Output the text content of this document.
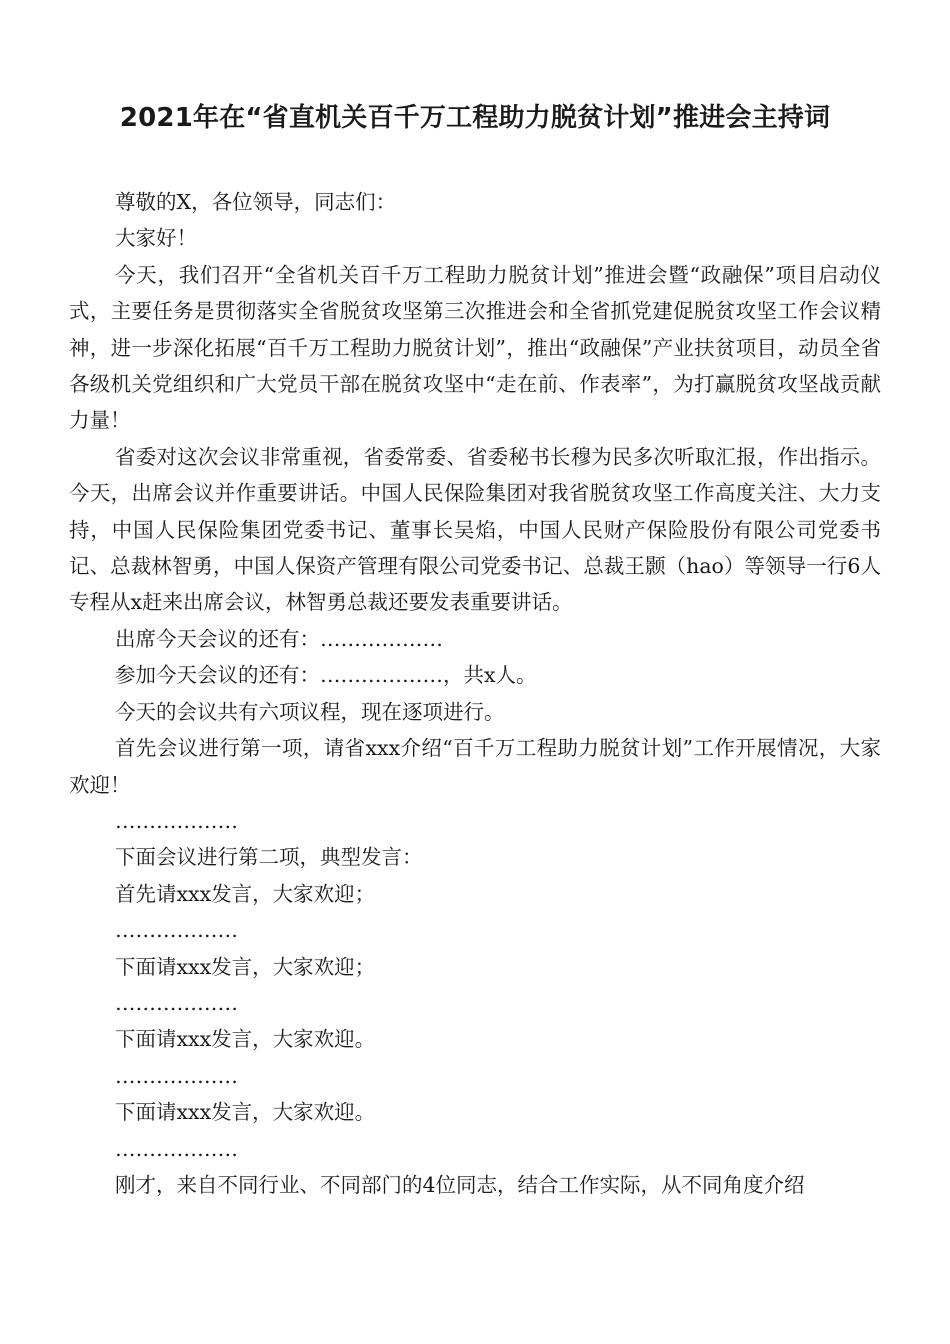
2021年在“省直机关百千万工程助力脱贫计划”推进会主持词

尊敬的X，各位领导，同志们：

大家好！

今天，我们召开“全省机关百千万工程助力脱贫计划”推进会暨“政融保”项目启动仪式，主要任务是贯彻落实全省脱贫攻坚第三次推进会和全省抓党建促脱贫攻坚工作会议精神，进一步深化拓展“百千万工程助力脱贫计划”，推出“政融保”产业扶贫项目，动员全省各级机关党组织和广大党员干部在脱贫攻坚中“走在前、作表率”，为打赢脱贫攻坚战贡献力量！

省委对这次会议非常重视，省委常委、省委秘书长穆为民多次听取汇报，作出指示。今天，出席会议并作重要讲话。中国人民保险集团对我省脱贫攻坚工作高度关注、大力支持，中国人民保险集团党委书记、董事长吴焰，中国人民财产保险股份有限公司党委书记、总裁林智勇，中国人保资产管理有限公司党委书记、总裁王颢（hao）等领导一行6人专程从x赶来出席会议，林智勇总裁还要发表重要讲话。

出席今天会议的还有：………………

参加今天会议的还有：………………，共x人。

今天的会议共有六项议程，现在逐项进行。

首先会议进行第一项，请省xxx介绍“百千万工程助力脱贫计划”工作开展情况，大家欢迎！

………………

下面会议进行第二项，典型发言：

首先请xxx发言，大家欢迎；

………………

下面请xxx发言，大家欢迎；

………………

下面请xxx发言，大家欢迎。

………………

下面请xxx发言，大家欢迎。

………………

刚才，来自不同行业、不同部门的4位同志，结合工作实际，从不同角度介绍
